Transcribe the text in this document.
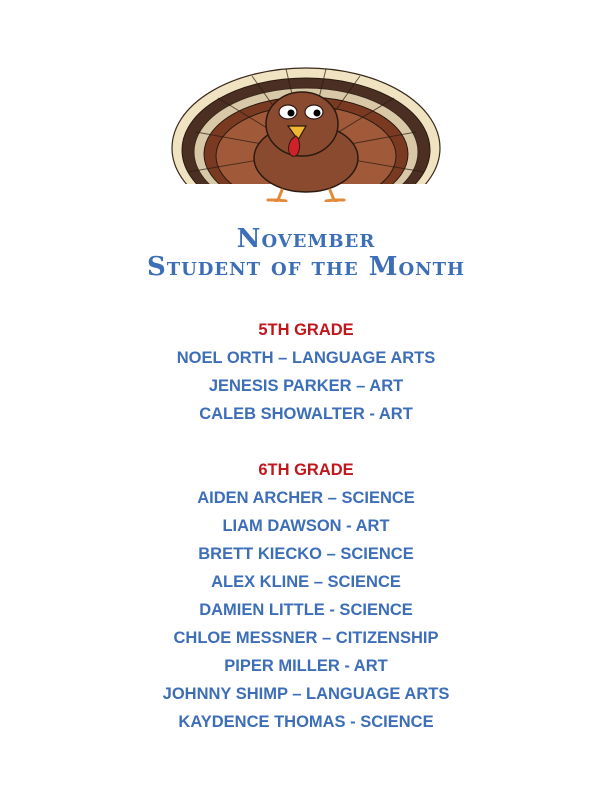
November
Student of the Month
5TH GRADE
NOEL ORTH – LANGUAGE ARTS
JENESIS PARKER – ART
CALEB SHOWALTER - ART
6TH GRADE
AIDEN ARCHER – SCIENCE
LIAM DAWSON - ART
BRETT KIECKO – SCIENCE
ALEX KLINE – SCIENCE
DAMIEN LITTLE - SCIENCE
CHLOE MESSNER – CITIZENSHIP
PIPER MILLER - ART
JOHNNY SHIMP – LANGUAGE ARTS
KAYDENCE THOMAS - SCIENCE
